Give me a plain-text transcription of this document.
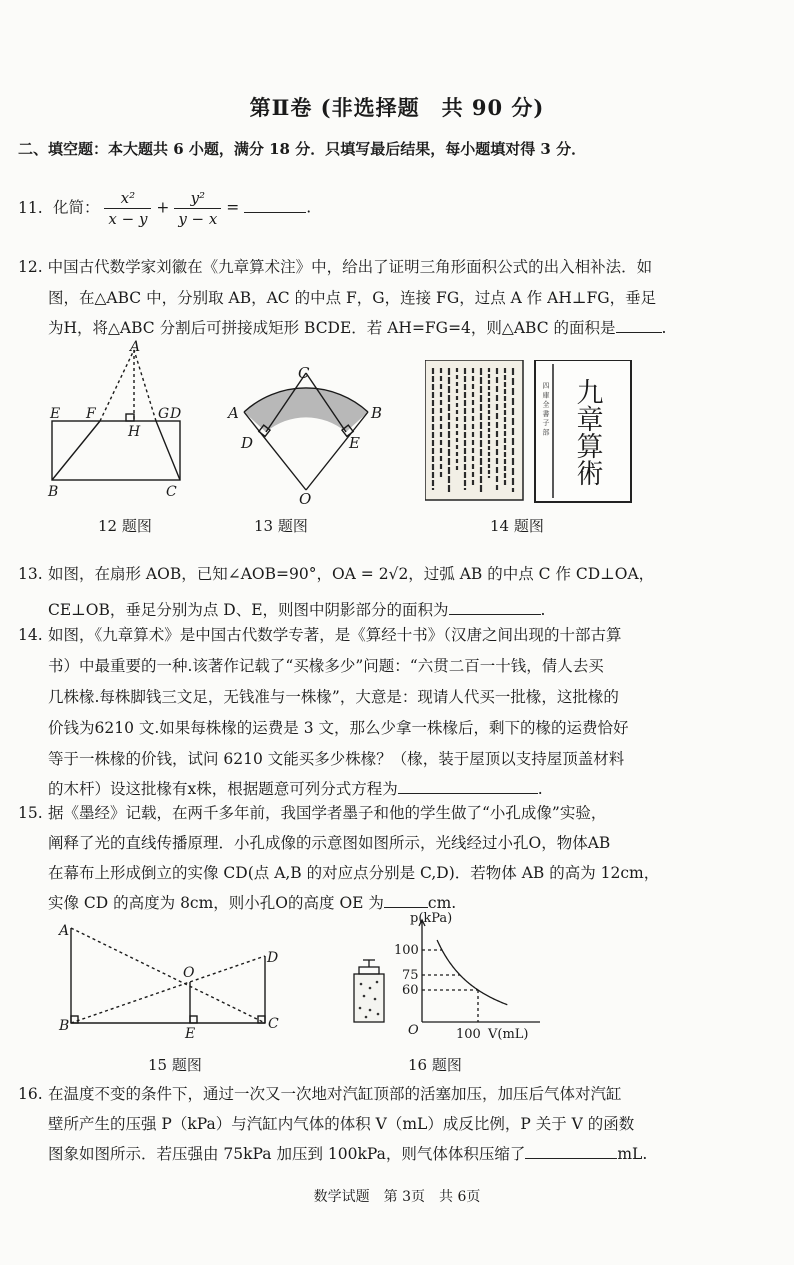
第Ⅱ卷 (非选择题　共 90 分)
二、填空题：本大题共 6 小题，满分 18 分．只填写最后结果，每小题填对得 3 分．
11. 化简： $\frac{\text{x²}}{x - y} + \frac{\text{y²}}{y - x}$ =	.
12. 中国古代数学家刘徽在《九章算术注》中，给出了证明三角形面积公式的出入相补法．如
图，在△ABC 中，分别取 AB，AC 的中点 F，G，连接 FG，过点 A 作 AH⊥FG，垂足
为H，将△ABC 分割后可拼接成矩形 BCDE．若 AH=FG=4，则△ABC 的面积是	.
A
E F
H
G D
B	C
12 题图
C
A	B
D	E
O
13 题图
四 庫 全 書 子 部 九章算術
14 题图
13. 如图，在扇形 AOB，已知∠AOB=90°，OA = 2√2，过弧 AB 的中点 C 作 CD⊥OA，
CE⊥OB，垂足分别为点 D、E，则图中阴影部分的面积为	.
14. 如图，《九章算术》是中国古代数学专著，是《算经十书》（汉唐之间出现的十部古算
书）中最重要的一种.该著作记载了“买椽多少”问题：“六贯二百一十钱，倩人去买
几株椽.每株脚钱三文足，无钱准与一株椽”，大意是：现请人代买一批椽，这批椽的
价钱为6210 文.如果每株椽的运费是 3 文，那么少拿一株椽后，剩下的椽的运费恰好
等于一株椽的价钱，试问 6210 文能买多少株椽？（椽，装于屋顶以支持屋顶盖材料
的木杆）设这批椽有x株，根据题意可列分式方程为	.
15. 据《墨经》记载，在两千多年前，我国学者墨子和他的学生做了“小孔成像”实验，
阐释了光的直线传播原理．小孔成像的示意图如图所示，光线经过小孔O，物体AB
在幕布上形成倒立的实像 CD(点 A,B 的对应点分别是 C,D)．若物体 AB 的高为 12cm，
实像 CD 的高度为 8cm，则小孔O的高度 OE 为	cm.
A
B
O
E
D
C
15 题图
p(kPa)
V(mL)
O
100
75
60
100
16 题图
16. 在温度不变的条件下，通过一次又一次地对汽缸顶部的活塞加压，加压后气体对汽缸
壁所产生的压强 P（kPa）与汽缸内气体的体积 V（mL）成反比例，P 关于 V 的函数
图象如图所示．若压强由 75kPa 加压到 100kPa，则气体体积压缩了	mL.
数学试题　第 3页　共 6页
